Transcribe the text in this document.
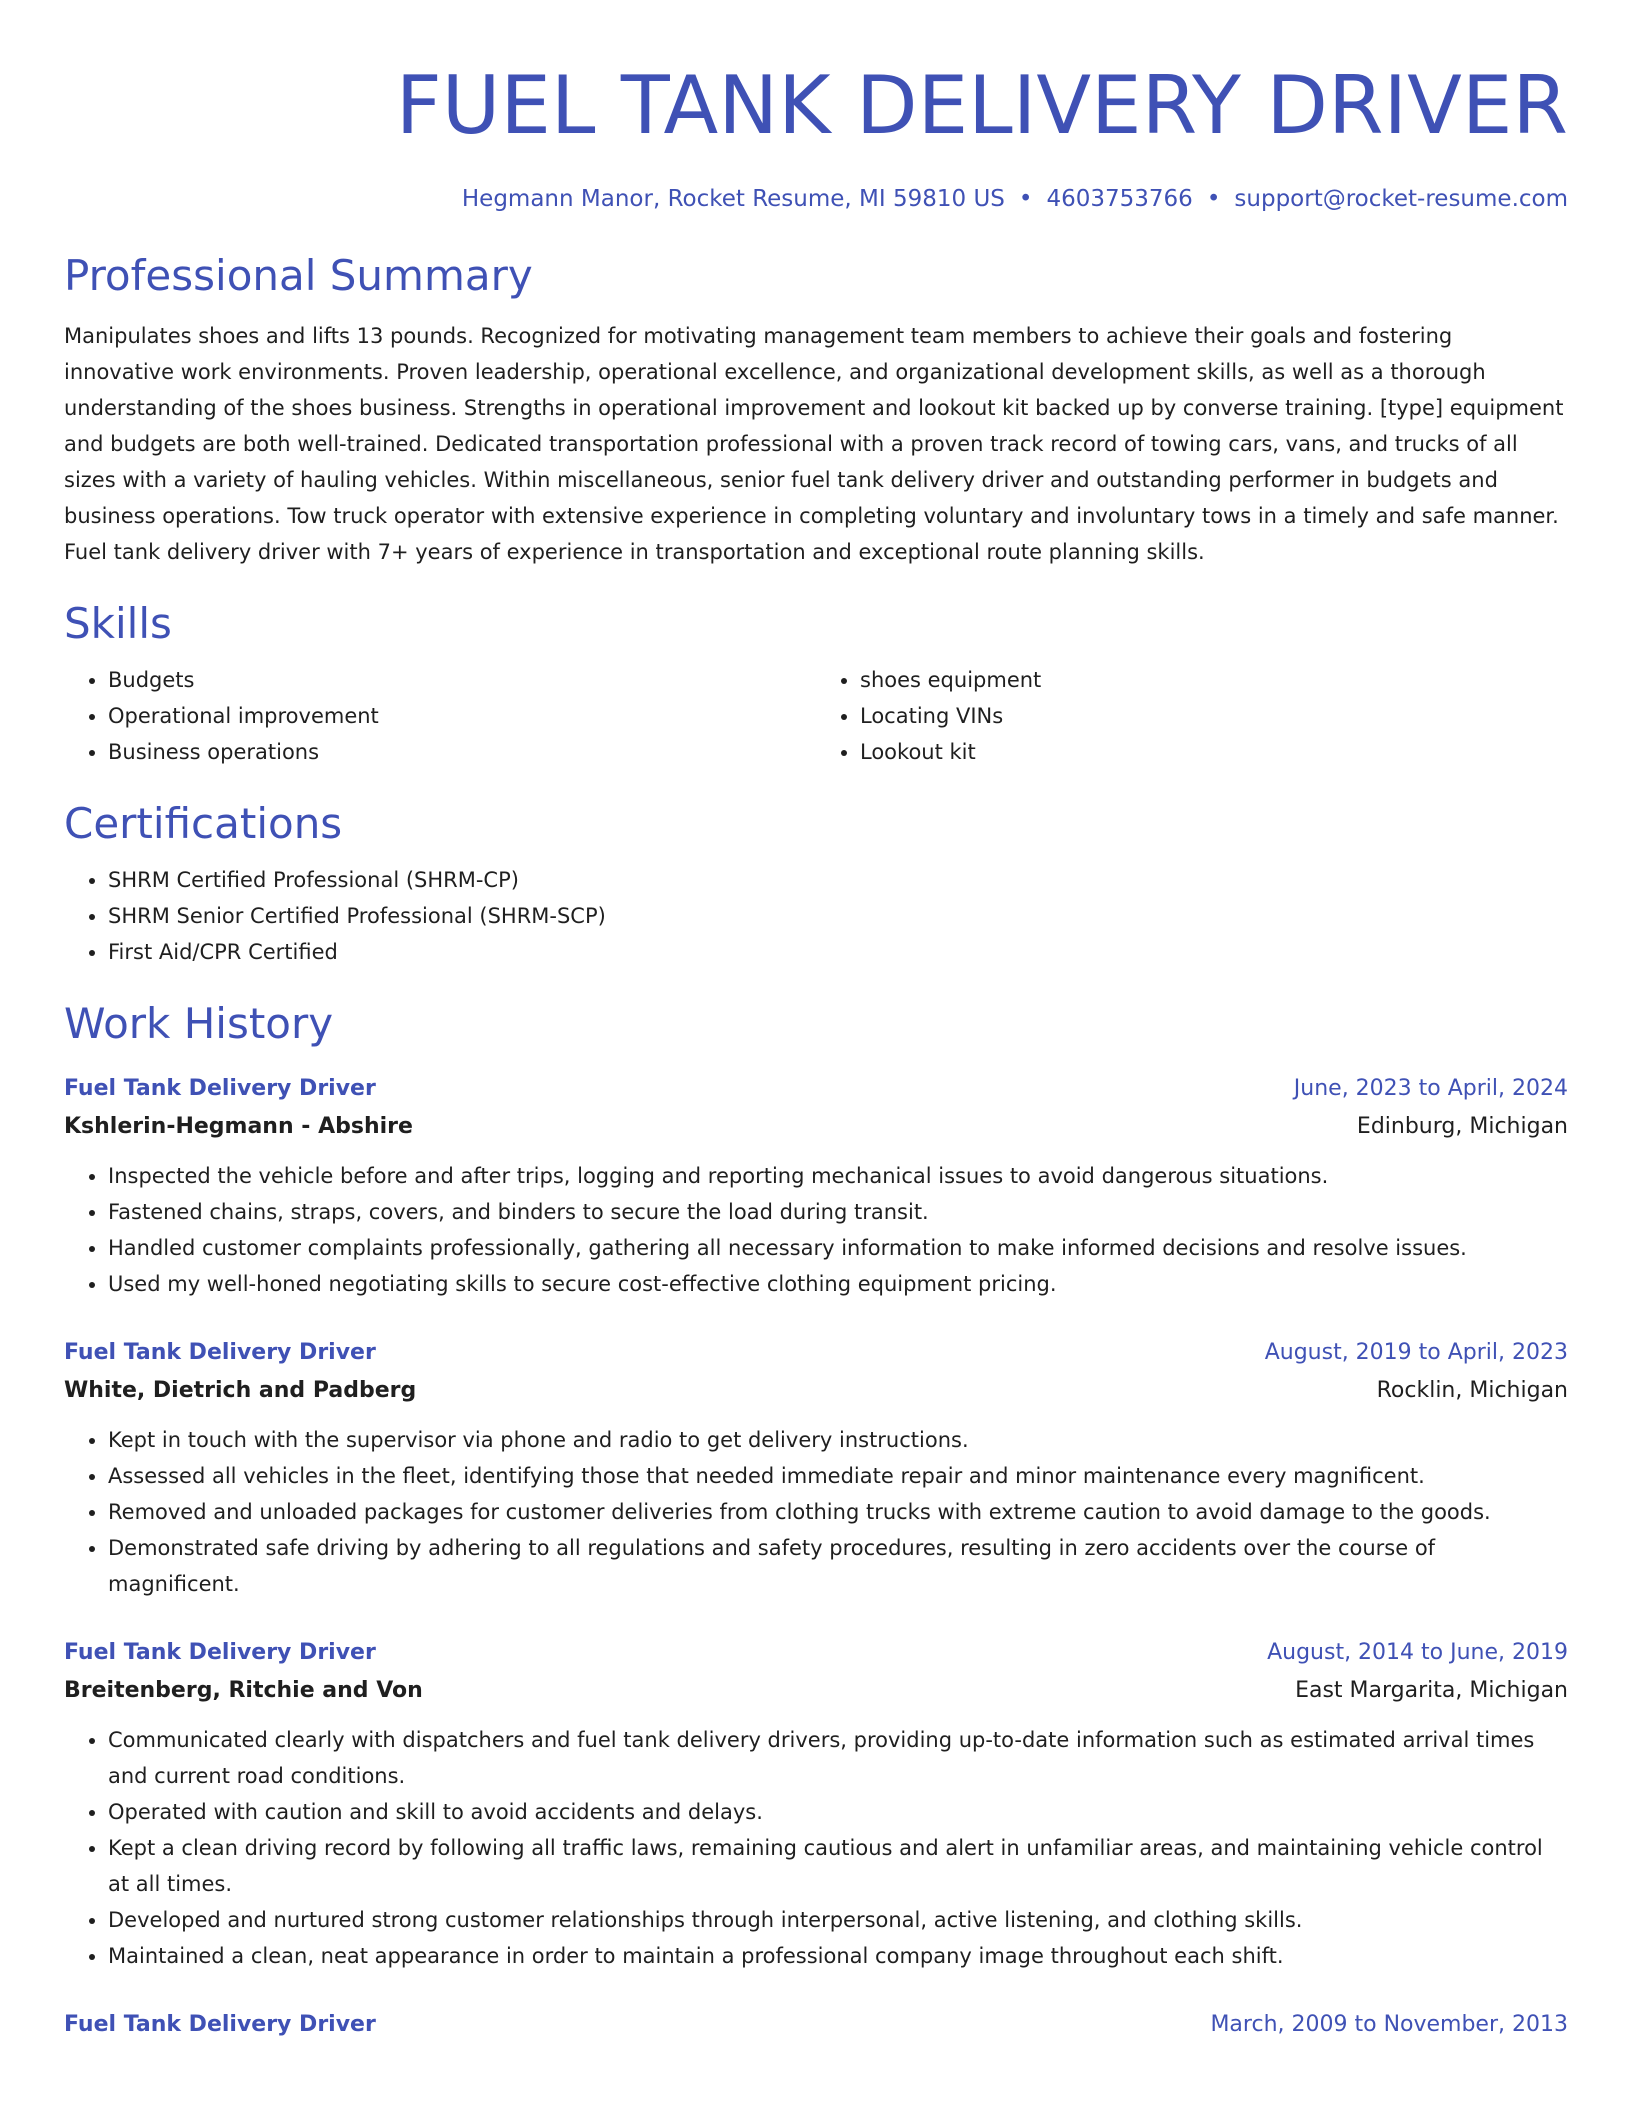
FUEL TANK DELIVERY DRIVER
Hegmann Manor, Rocket Resume, MI 59810 US • 4603753766 • support@rocket-resume.com
Professional Summary
Manipulates shoes and lifts 13 pounds. Recognized for motivating management team members to achieve their goals and fostering innovative work environments. Proven leadership, operational excellence, and organizational development skills, as well as a thorough understanding of the shoes business. Strengths in operational improvement and lookout kit backed up by converse training. [type] equipment and budgets are both well-trained. Dedicated transportation professional with a proven track record of towing cars, vans, and trucks of all sizes with a variety of hauling vehicles. Within miscellaneous, senior fuel tank delivery driver and outstanding performer in budgets and business operations. Tow truck operator with extensive experience in completing voluntary and involuntary tows in a timely and safe manner. Fuel tank delivery driver with 7+ years of experience in transportation and exceptional route planning skills.
Skills
• Budgets
• Operational improvement
• Business operations
• shoes equipment
• Locating VINs
• Lookout kit
Certifications
• SHRM Certified Professional (SHRM-CP)
• SHRM Senior Certified Professional (SHRM-SCP)
• First Aid/CPR Certified
Work History
Fuel Tank Delivery Driver	June, 2023 to April, 2024
Kshlerin-Hegmann - Abshire	Edinburg, Michigan
• Inspected the vehicle before and after trips, logging and reporting mechanical issues to avoid dangerous situations.
• Fastened chains, straps, covers, and binders to secure the load during transit.
• Handled customer complaints professionally, gathering all necessary information to make informed decisions and resolve issues.
• Used my well-honed negotiating skills to secure cost-effective clothing equipment pricing.
Fuel Tank Delivery Driver	August, 2019 to April, 2023
White, Dietrich and Padberg	Rocklin, Michigan
• Kept in touch with the supervisor via phone and radio to get delivery instructions.
• Assessed all vehicles in the fleet, identifying those that needed immediate repair and minor maintenance every magnificent.
• Removed and unloaded packages for customer deliveries from clothing trucks with extreme caution to avoid damage to the goods.
• Demonstrated safe driving by adhering to all regulations and safety procedures, resulting in zero accidents over the course of magnificent.
Fuel Tank Delivery Driver	August, 2014 to June, 2019
Breitenberg, Ritchie and Von	East Margarita, Michigan
• Communicated clearly with dispatchers and fuel tank delivery drivers, providing up-to-date information such as estimated arrival times and current road conditions.
• Operated with caution and skill to avoid accidents and delays.
• Kept a clean driving record by following all traffic laws, remaining cautious and alert in unfamiliar areas, and maintaining vehicle control at all times.
• Developed and nurtured strong customer relationships through interpersonal, active listening, and clothing skills.
• Maintained a clean, neat appearance in order to maintain a professional company image throughout each shift.
Fuel Tank Delivery Driver	March, 2009 to November, 2013
